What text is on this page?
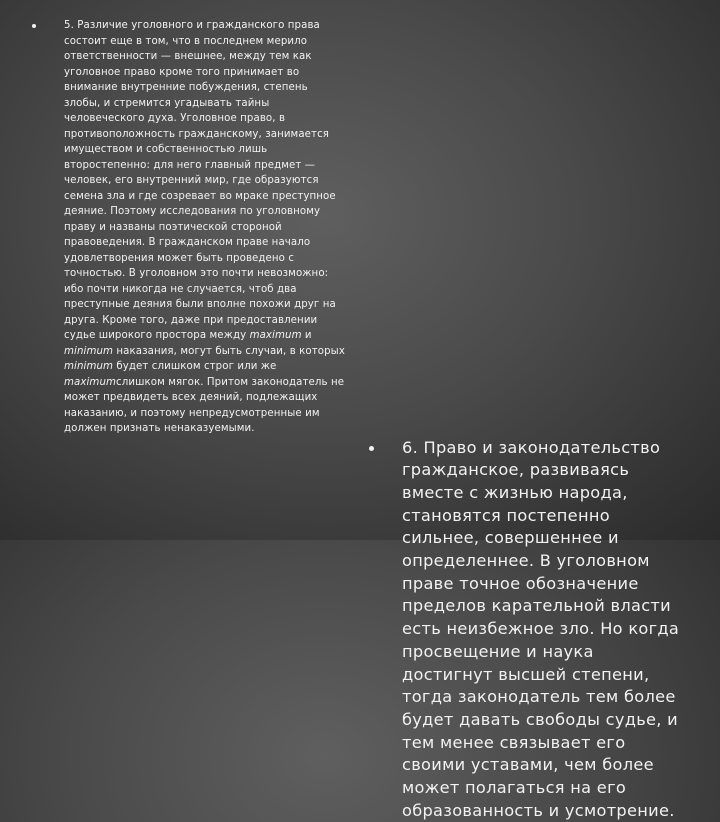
5. Различие уголовного и гражданского права состоит еще в том, что в последнем мерило ответственности — внешнее, между тем как уголовное право кроме того принимает во внимание внутренние побуждения, степень злобы, и стремится угадывать тайны человеческого духа. Уголовное право, в противоположность гражданскому, занимается имуществом и собственностью лишь второстепенно: для него главный предмет — человек, его внутренний мир, где образуются семена зла и где созревает во мраке преступное деяние. Поэтому исследования по уголовному праву и названы поэтической стороной правоведения. В гражданском праве начало удовлетворения может быть проведено с точностью. В уголовном это почти невозможно: ибо почти никогда не случается, чтоб два преступные деяния были вполне похожи друг на друга. Кроме того, даже при предоставлении судье широкого простора между maximum и minimum наказания, могут быть случаи, в которых minimum будет слишком строг или же maximumслишком мягок. Притом законодатель не может предвидеть всех деяний, подлежащих наказанию, и поэтому непредусмотренные им должен признать ненаказуемыми.
6. Право и законодательство гражданское, развиваясь вместе с жизнью народа, становятся постепенно сильнее, совершеннее и определеннее. В уголовном праве точное обозначение пределов карательной власти есть неизбежное зло. Но когда просвещение и наука достигнут высшей степени, тогда законодатель тем более будет давать свободы судье, и тем менее связывает его своими уставами, чем более может полагаться на его образованность и усмотрение.
